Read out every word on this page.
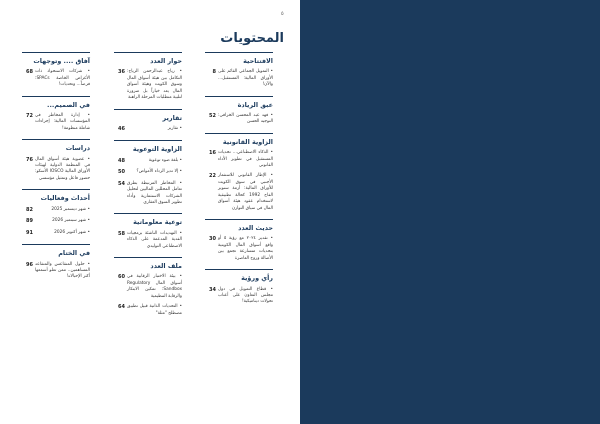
٥
المحتويات
الافتتاحية
• التمويل الجماعي القائم على الأوراق المالية: المستقبل... والآن!
8
عبق الريادة
• فهد عبد المحسن الخرافي: التوجيه الحسن
52
الزاوية القانونية
• الذكاء الاصطناعي... تحديات المستقبل في تطوير الأداء القانوني
16
• الإطار القانوني للاستثمار الأجنبي في سوق الكويت للأوراق المالية: أزمة سنوير الفاح 1992 كحالة تطبيقية لاستخدام عقود هيئة أسواق المال في سياق التوازن
22
حديث العدد
• تقدير ٢٠٢٤ مع رؤية ٥ أو واقع أسواق المال الكويتية بتحديات متسارعة تجمع بين الأصالة وروح العاصرة
30
رأي ورؤية
• قطاع التمويل في دول مجلس التعاون على أعتاب تحولات ديناميكية!
34
حوار العدد
• رياح عبدالرحمن الرياح: التكامل بين هيئة أسواق المال وسوق الكويت وهيئة أسواق المال يعد خياراً بل ضرورة لتلبية متطلبات المرحلة الراهنة
36
تقارير
• تقارير
46
الزاوية التوعوية
• بلغة ضوء توعوية
48
• إلا تدير الرداء الأمواض؟
50
• المخاطر المرتبطة بطرق تعامل المحللين الماليين لتحليل الشركات الاستثمارية وأداء تطوير السوق العقاري
54
توعية معلوماتية
• التهديدات الناشئة برمجيات الفدية المدعمة على الذكاء الاصطناعي التوليدي
58
ملف العدد
• بيئة الاختبار الرقابية في أسواق المال Regulatory Sandbox: تمكين الابتكار والرقابة التنظيمية
60
• التحديات الذاتية قبيل تطبيق مصطلح "مثلة"
64
آفاق .... وتوجهات
• شركات الاستحواذ ذات الأغراض الخاصة SPACs: فرصاً... وتحديات!
68
في الصميم...
• إدارة المخاطر في المؤسسات المالية: إجراءات شاملة منظومة!
72
دراسات
• عضوية هيئة أسواق المال في المنظمة الدولية لهيئات الأوراق المالية IOSCO الأسكو: حضور فاعل وتمثيل مؤسسي
76
أحداث وفعاليات
• شهر ديسمبر 2025
82
• شهر سبتمبر 2026
89
• شهر أكتوبر 2026
91
في الختام
• حلول المتقاعس والمتقاعد المساهمين.. ممن تعلو أسمعها أكثر الإحبالاه!
96
